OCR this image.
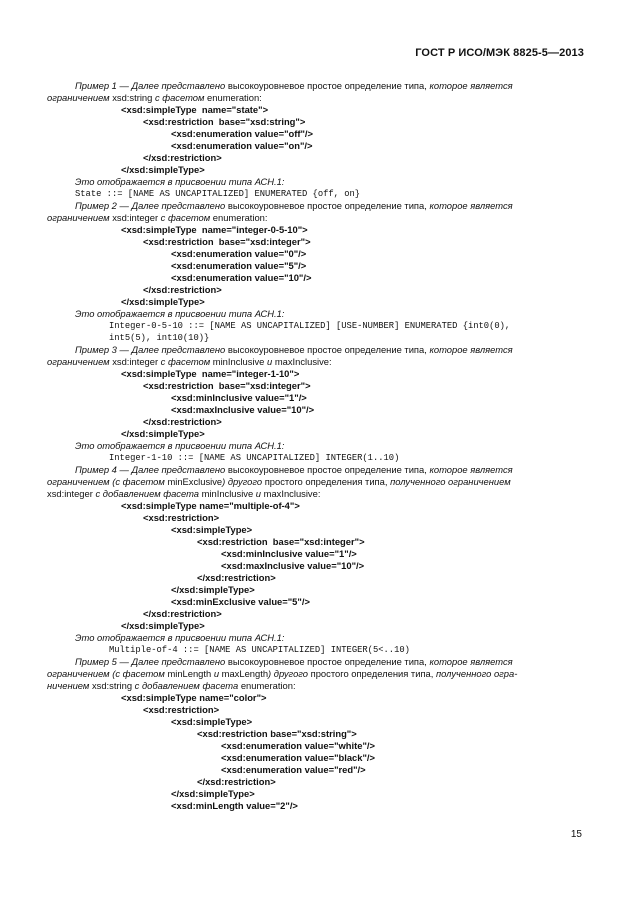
ГОСТ Р ИСО/МЭК 8825-5—2013
Пример 1 — Далее представлено высокоуровневое простое определение типа, которое является
ограничением xsd:string с фасетом enumeration:
<xsd:simpleType  name="state">
<xsd:restriction  base="xsd:string">
<xsd:enumeration value="off"/>
<xsd:enumeration value="on"/>
</xsd:restriction>
</xsd:simpleType>
Это отображается в присвоении типа АСН.1:
State ::= [NAME AS UNCAPITALIZED] ENUMERATED {off, on}
Пример 2 — Далее представлено высокоуровневое простое определение типа, которое является
ограничением xsd:integer с фасетом enumeration:
<xsd:simpleType  name="integer-0-5-10">
<xsd:restriction  base="xsd:integer">
<xsd:enumeration value="0"/>
<xsd:enumeration value="5"/>
<xsd:enumeration value="10"/>
</xsd:restriction>
</xsd:simpleType>
Это отображается в присвоении типа АСН.1:
Integer-0-5-10 ::= [NAME AS UNCAPITALIZED] [USE-NUMBER] ENUMERATED {int0(0),
int5(5), int10(10)}
Пример 3 — Далее представлено высокоуровневое простое определение типа, которое является
ограничением xsd:integer с фасетом minInclusive и maxInclusive:
<xsd:simpleType  name="integer-1-10">
<xsd:restriction  base="xsd:integer">
<xsd:minInclusive value="1"/>
<xsd:maxInclusive value="10"/>
</xsd:restriction>
</xsd:simpleType>
Это отображается в присвоении типа АСН.1:
Integer-1-10 ::= [NAME AS UNCAPITALIZED] INTEGER(1..10)
Пример 4 — Далее представлено высокоуровневое простое определение типа, которое является
ограничением (с фасетом minExclusive) другого простого определения типа, полученного ограничением
xsd:integer с добавлением фасета minInclusive и maxInclusive:
<xsd:simpleType name="multiple-of-4">
<xsd:restriction>
<xsd:simpleType>
<xsd:restriction  base="xsd:integer">
<xsd:minInclusive value="1"/>
<xsd:maxInclusive value="10"/>
</xsd:restriction>
</xsd:simpleType>
<xsd:minExclusive value="5"/>
</xsd:restriction>
</xsd:simpleType>
Это отображается в присвоении типа АСН.1:
Multiple-of-4 ::= [NAME AS UNCAPITALIZED] INTEGER(5<..10)
Пример 5 — Далее представлено высокоуровневое простое определение типа, которое является
ограничением (с фасетом minLength и maxLength) другого простого определения типа, полученного огра-
ничением xsd:string с добавлением фасета enumeration:
<xsd:simpleType name="color">
<xsd:restriction>
<xsd:simpleType>
<xsd:restriction base="xsd:string">
<xsd:enumeration value="white"/>
<xsd:enumeration value="black"/>
<xsd:enumeration value="red"/>
</xsd:restriction>
</xsd:simpleType>
<xsd:minLength value="2"/>
15
